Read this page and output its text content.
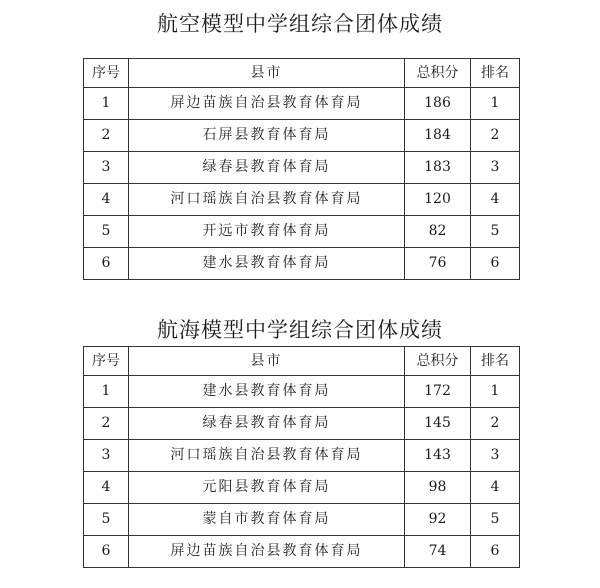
航空模型中学组综合团体成绩
序号	县市	总积分	排名
1	屏边苗族自治县教育体育局	186	1
2	石屏县教育体育局	184	2
3	绿春县教育体育局	183	3
4	河口瑶族自治县教育体育局	120	4
5	开远市教育体育局	82	5
6	建水县教育体育局	76	6
航海模型中学组综合团体成绩
序号	县市	总积分	排名
1	建水县教育体育局	172	1
2	绿春县教育体育局	145	2
3	河口瑶族自治县教育体育局	143	3
4	元阳县教育体育局	98	4
5	蒙自市教育体育局	92	5
6	屏边苗族自治县教育体育局	74	6
